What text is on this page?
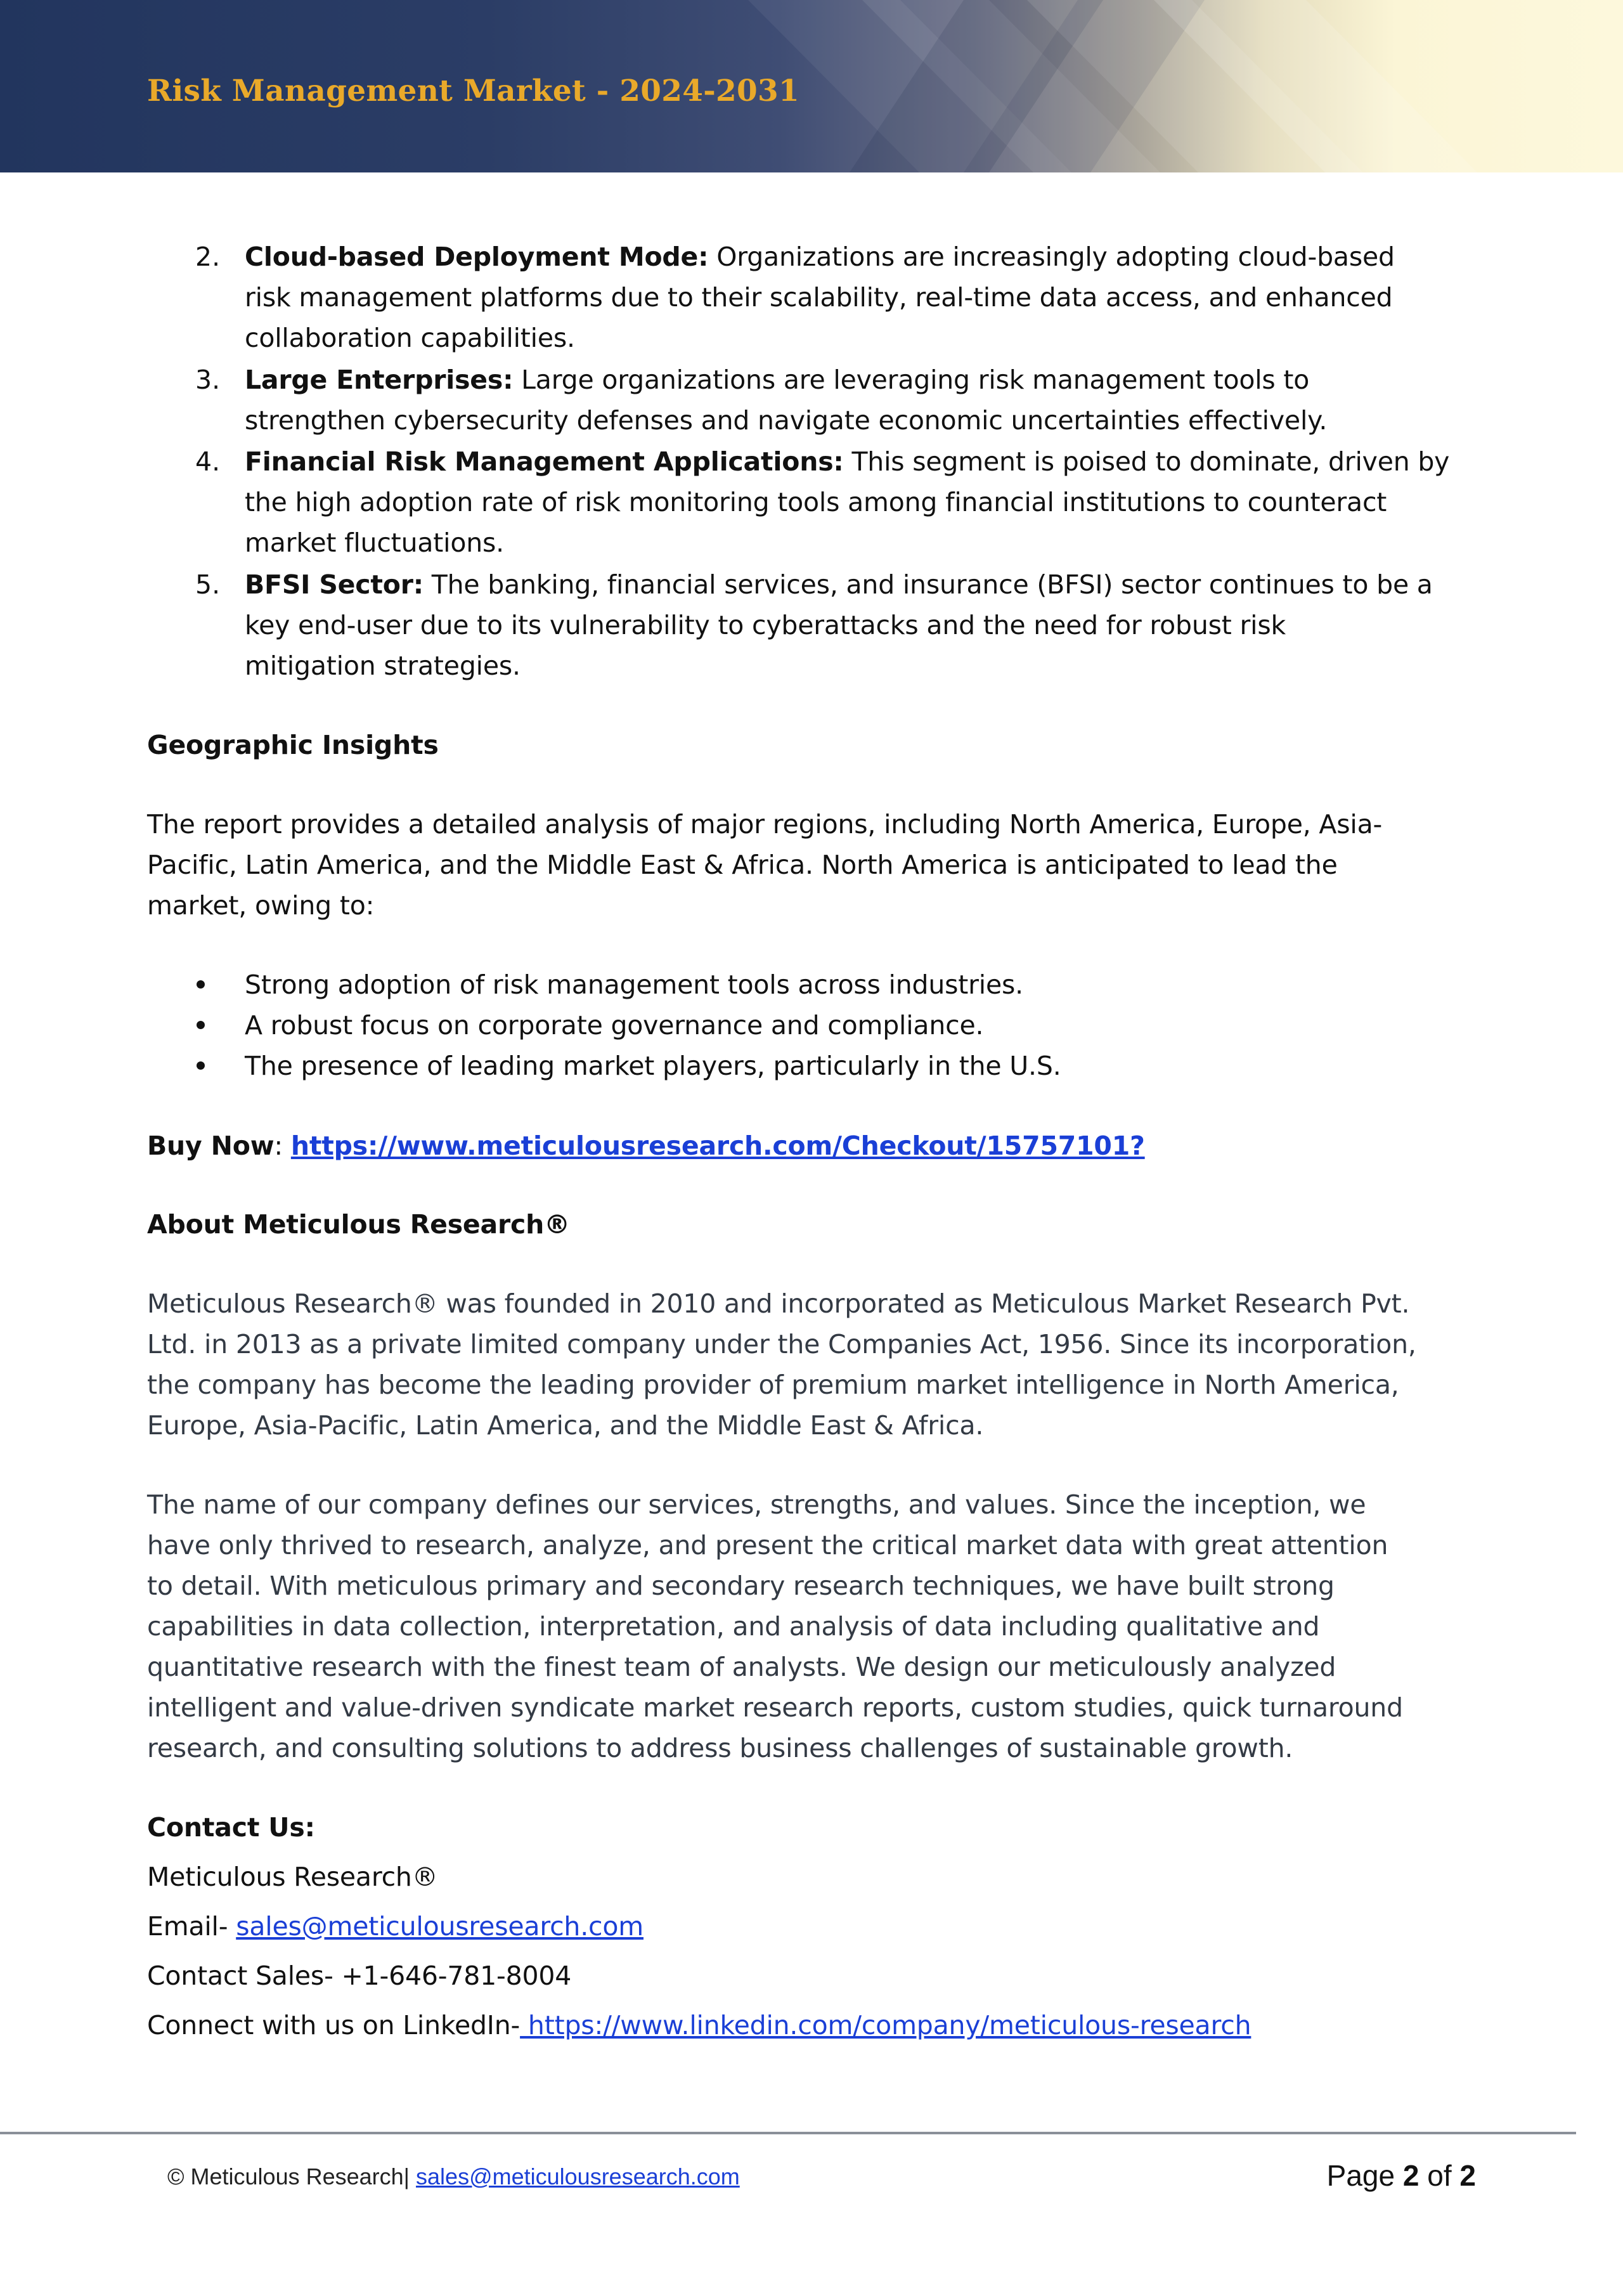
Risk Management Market - 2024-2031
2. Cloud-based Deployment Mode: Organizations are increasingly adopting cloud-based
risk management platforms due to their scalability, real-time data access, and enhanced
collaboration capabilities.
3. Large Enterprises: Large organizations are leveraging risk management tools to
strengthen cybersecurity defenses and navigate economic uncertainties effectively.
4. Financial Risk Management Applications: This segment is poised to dominate, driven by
the high adoption rate of risk monitoring tools among financial institutions to counteract
market fluctuations.
5. BFSI Sector: The banking, financial services, and insurance (BFSI) sector continues to be a
key end-user due to its vulnerability to cyberattacks and the need for robust risk
mitigation strategies.
Geographic Insights
The report provides a detailed analysis of major regions, including North America, Europe, Asia-
Pacific, Latin America, and the Middle East & Africa. North America is anticipated to lead the
market, owing to:
Strong adoption of risk management tools across industries.
A robust focus on corporate governance and compliance.
The presence of leading market players, particularly in the U.S.
Buy Now: https://www.meticulousresearch.com/Checkout/15757101?
About Meticulous Research®
Meticulous Research® was founded in 2010 and incorporated as Meticulous Market Research Pvt.
Ltd. in 2013 as a private limited company under the Companies Act, 1956. Since its incorporation,
the company has become the leading provider of premium market intelligence in North America,
Europe, Asia-Pacific, Latin America, and the Middle East & Africa.
The name of our company defines our services, strengths, and values. Since the inception, we
have only thrived to research, analyze, and present the critical market data with great attention
to detail. With meticulous primary and secondary research techniques, we have built strong
capabilities in data collection, interpretation, and analysis of data including qualitative and
quantitative research with the finest team of analysts. We design our meticulously analyzed
intelligent and value-driven syndicate market research reports, custom studies, quick turnaround
research, and consulting solutions to address business challenges of sustainable growth.
Contact Us:
Meticulous Research®
Email- sales@meticulousresearch.com
Contact Sales- +1-646-781-8004
Connect with us on LinkedIn- https://www.linkedin.com/company/meticulous-research
© Meticulous Research| sales@meticulousresearch.com	Page 2 of 2
